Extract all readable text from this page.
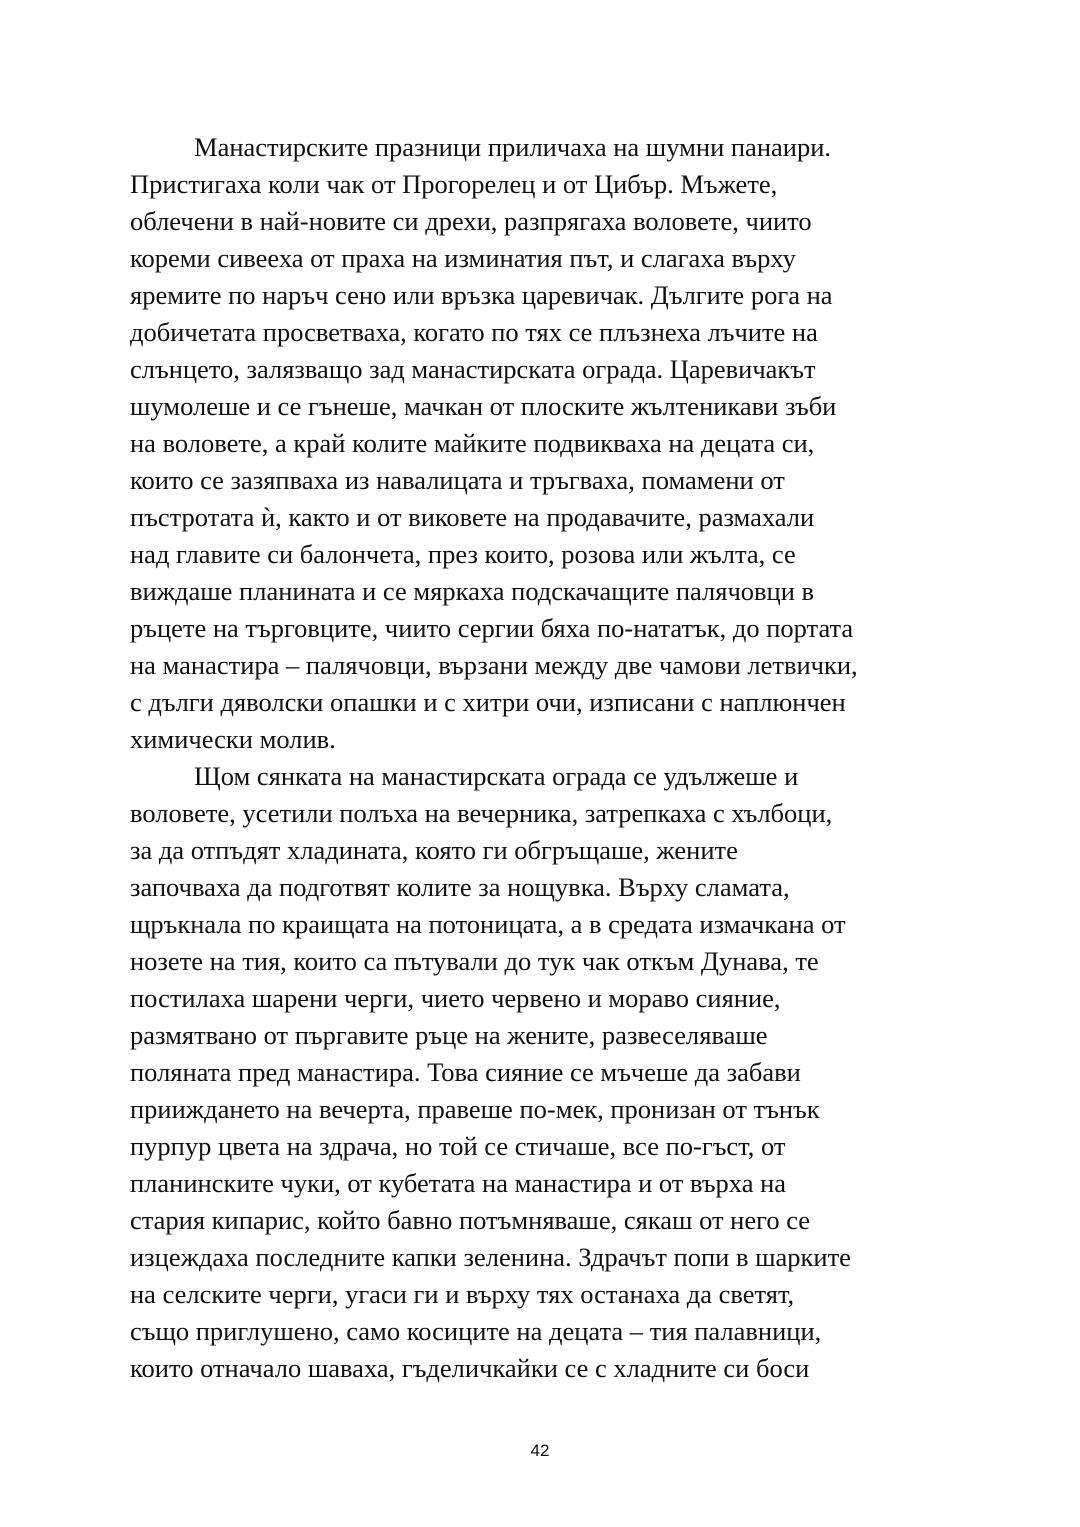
Манастирските празници приличаха на шумни панаири.
Пристигаха коли чак от Прогорелец и от Цибър. Мъжете,
облечени в най-новите си дрехи, разпрягаха воловете, чиито
кореми сивееха от праха на изминатия път, и слагаха върху
яремите по наръч сено или връзка царевичак. Дългите рога на
добичетата просветваха, когато по тях се плъзнеха лъчите на
слънцето, залязващо зад манастирската ограда. Царевичакът
шумолеше и се гънеше, мачкан от плоските жълтеникави зъби
на воловете, а край колите майките подвикваха на децата си,
които се зазяпваха из навалицата и тръгваха, помамени от
пъстротата ѝ, както и от виковете на продавачите, размахали
над главите си балончета, през които, розова или жълта, се
виждаше планината и се мяркаха подскачащите палячовци в
ръцете на търговците, чиито сергии бяха по-нататък, до портата
на манастира – палячовци, вързани между две чамови летвички,
с дълги дяволски опашки и с хитри очи, изписани с наплюнчен
химически молив.
Щом сянката на манастирската ограда се удължеше и
воловете, усетили полъха на вечерника, затрепкаха с хълбоци,
за да отпъдят хладината, която ги обгръщаше, жените
започваха да подготвят колите за нощувка. Върху сламата,
щръкнала по краищата на потоницата, а в средата измачкана от
нозете на тия, които са пътували до тук чак откъм Дунава, те
постилаха шарени черги, чието червено и мораво сияние,
размятвано от пъргавите ръце на жените, развеселяваше
поляната пред манастира. Това сияние се мъчеше да забави
прииждането на вечерта, правеше по-мек, пронизан от тънък
пурпур цвета на здрача, но той се стичаше, все по-гъст, от
планинските чуки, от кубетата на манастира и от върха на
стария кипарис, който бавно потъмняваше, сякаш от него се
изцеждаха последните капки зеленина. Здрачът попи в шарките
на селските черги, угаси ги и върху тях останаха да светят,
също приглушено, само косиците на децата – тия палавници,
които отначало шаваха, гъделичкайки се с хладните си боси
42
